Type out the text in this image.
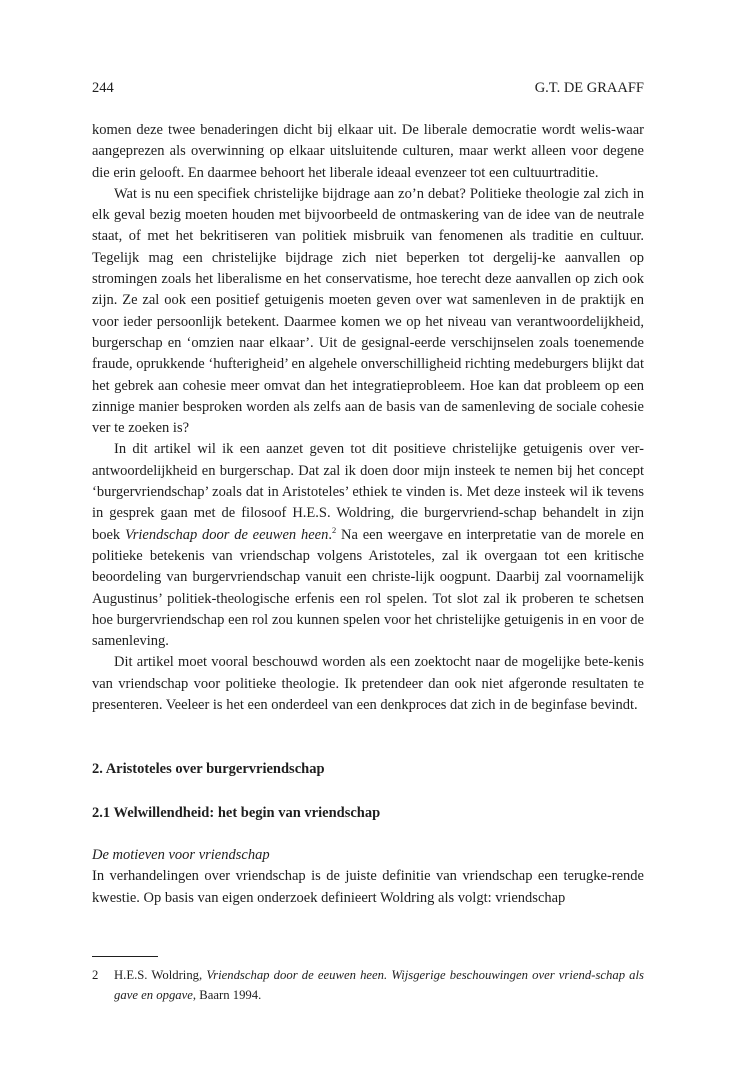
244	G.T. DE GRAAFF

komen deze twee benaderingen dicht bij elkaar uit. De liberale democratie wordt welis-waar aangeprezen als overwinning op elkaar uitsluitende culturen, maar werkt alleen voor degene die erin gelooft. En daarmee behoort het liberale ideaal evenzeer tot een cultuurtraditie.

Wat is nu een specifiek christelijke bijdrage aan zo’n debat? Politieke theologie zal zich in elk geval bezig moeten houden met bijvoorbeeld de ontmaskering van de idee van de neutrale staat, of met het bekritiseren van politiek misbruik van fenomenen als traditie en cultuur. Tegelijk mag een christelijke bijdrage zich niet beperken tot dergelij-ke aanvallen op stromingen zoals het liberalisme en het conservatisme, hoe terecht deze aanvallen op zich ook zijn. Ze zal ook een positief getuigenis moeten geven over wat samenleven in de praktijk en voor ieder persoonlijk betekent. Daarmee komen we op het niveau van verantwoordelijkheid, burgerschap en ‘omzien naar elkaar’. Uit de gesignal-eerde verschijnselen zoals toenemende fraude, oprukkende ‘hufterigheid’ en algehele onverschilligheid richting medeburgers blijkt dat het gebrek aan cohesie meer omvat dan het integratieprobleem. Hoe kan dat probleem op een zinnige manier besproken worden als zelfs aan de basis van de samenleving de sociale cohesie ver te zoeken is?

In dit artikel wil ik een aanzet geven tot dit positieve christelijke getuigenis over ver-antwoordelijkheid en burgerschap. Dat zal ik doen door mijn insteek te nemen bij het concept ‘burgervriendschap’ zoals dat in Aristoteles’ ethiek te vinden is. Met deze insteek wil ik tevens in gesprek gaan met de filosoof H.E.S. Woldring, die burgervriend-schap behandelt in zijn boek Vriendschap door de eeuwen heen.$^2$ Na een weergave en interpretatie van de morele en politieke betekenis van vriendschap volgens Aristoteles, zal ik overgaan tot een kritische beoordeling van burgervriendschap vanuit een christe-lijk oogpunt. Daarbij zal voornamelijk Augustinus’ politiek-theologische erfenis een rol spelen. Tot slot zal ik proberen te schetsen hoe burgervriendschap een rol zou kunnen spelen voor het christelijke getuigenis in en voor de samenleving.

Dit artikel moet vooral beschouwd worden als een zoektocht naar de mogelijke bete-kenis van vriendschap voor politieke theologie. Ik pretendeer dan ook niet afgeronde resultaten te presenteren. Veeleer is het een onderdeel van een denkproces dat zich in de beginfase bevindt.

2. Aristoteles over burgervriendschap
2.1 Welwillendheid: het begin van vriendschap

De motieven voor vriendschap

In verhandelingen over vriendschap is de juiste definitie van vriendschap een terugke-rende kwestie. Op basis van eigen onderzoek definieert Woldring als volgt: vriendschap

2 H.E.S. Woldring, Vriendschap door de eeuwen heen. Wijsgerige beschouwingen over vriend-schap als gave en opgave, Baarn 1994.
